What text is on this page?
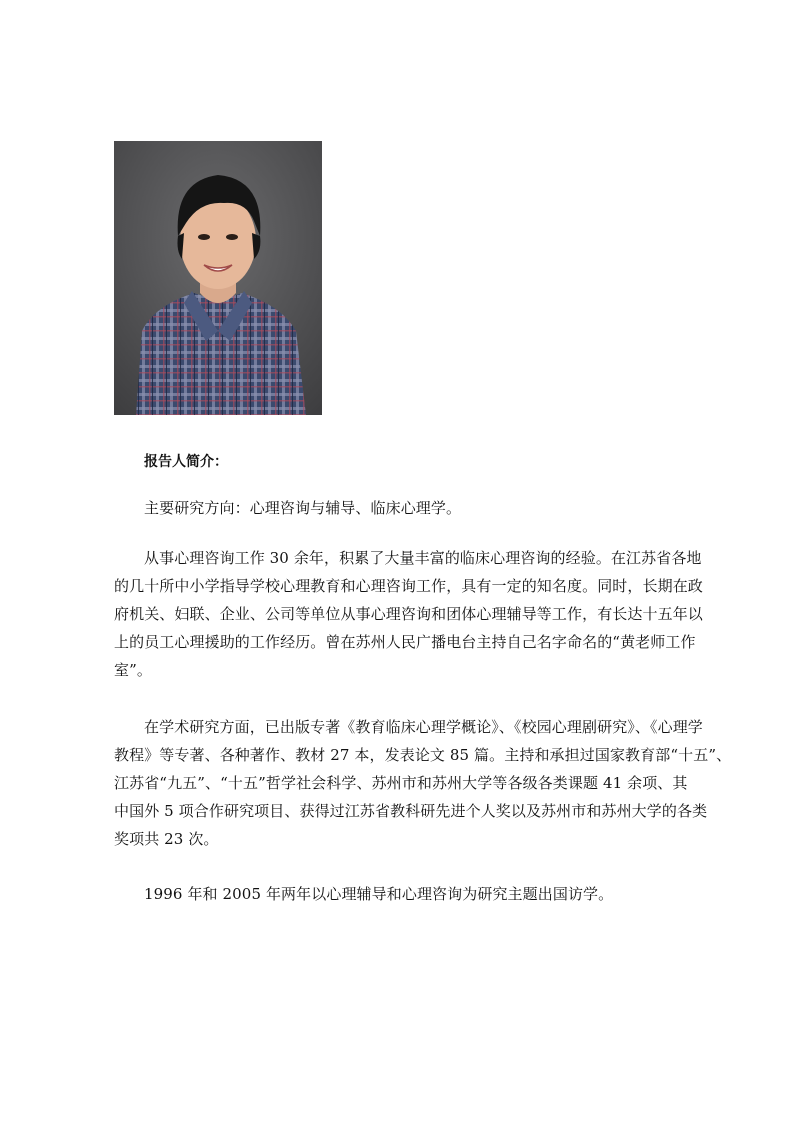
报告人简介：
主要研究方向：心理咨询与辅导、临床心理学。
从事心理咨询工作 30 余年，积累了大量丰富的临床心理咨询的经验。在江苏省各地
的几十所中小学指导学校心理教育和心理咨询工作，具有一定的知名度。同时，长期在政
府机关、妇联、企业、公司等单位从事心理咨询和团体心理辅导等工作，有长达十五年以
上的员工心理援助的工作经历。曾在苏州人民广播电台主持自己名字命名的“黄老师工作
室”。
在学术研究方面，已出版专著《教育临床心理学概论》、《校园心理剧研究》、《心理学
教程》等专著、各种著作、教材 27 本，发表论文 85 篇。主持和承担过国家教育部“十五”、
江苏省“九五”、“十五”哲学社会科学、苏州市和苏州大学等各级各类课题 41 余项、其
中国外 5 项合作研究项目、获得过江苏省教科研先进个人奖以及苏州市和苏州大学的各类
奖项共 23 次。
1996 年和 2005 年两年以心理辅导和心理咨询为研究主题出国访学。
